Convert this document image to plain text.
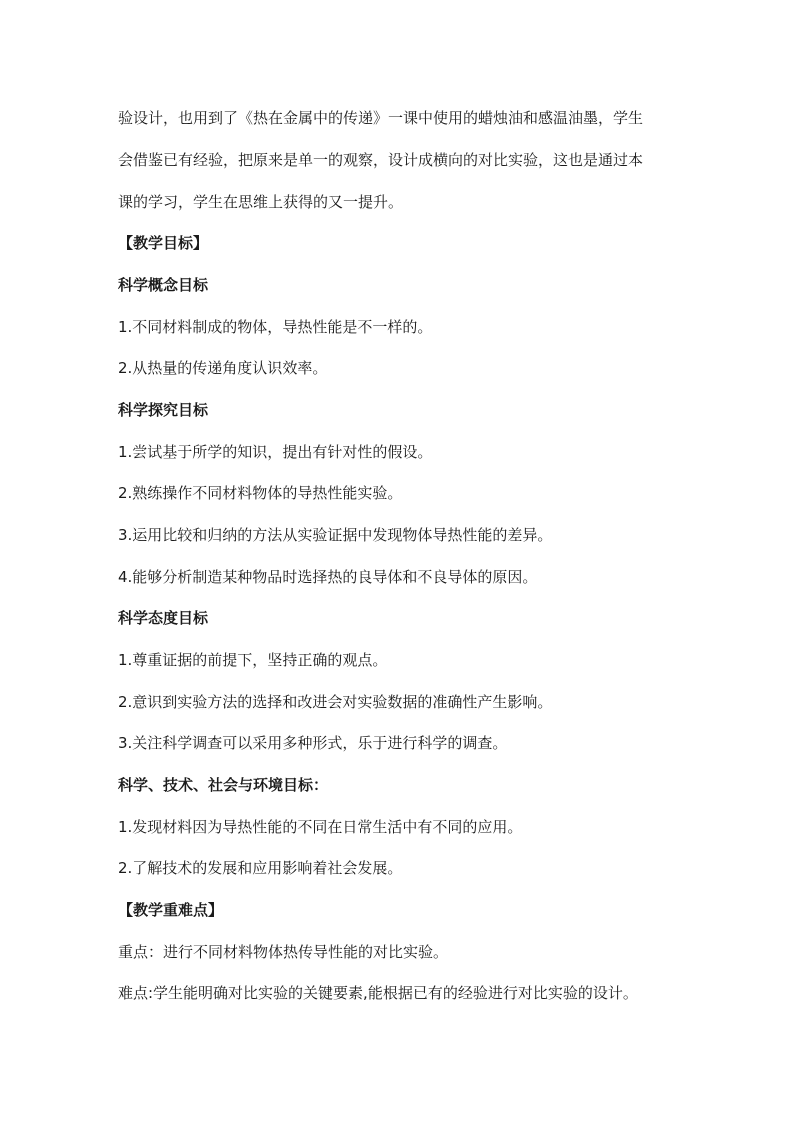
验设计，也用到了《热在金属中的传递》一课中使用的蜡烛油和感温油墨，学生
会借鉴已有经验，把原来是单一的观察，设计成横向的对比实验，这也是通过本
课的学习，学生在思维上获得的又一提升。
【教学目标】
科学概念目标
1.不同材料制成的物体，导热性能是不一样的。
2.从热量的传递角度认识效率。
科学探究目标
1.尝试基于所学的知识，提出有针对性的假设。
2.熟练操作不同材料物体的导热性能实验。
3.运用比较和归纳的方法从实验证据中发现物体导热性能的差异。
4.能够分析制造某种物品时选择热的良导体和不良导体的原因。
科学态度目标
1.尊重证据的前提下，坚持正确的观点。
2.意识到实验方法的选择和改进会对实验数据的准确性产生影响。
3.关注科学调查可以采用多种形式，乐于进行科学的调查。
科学、技术、社会与环境目标：
1.发现材料因为导热性能的不同在日常生活中有不同的应用。
2.了解技术的发展和应用影响着社会发展。
【教学重难点】
重点：进行不同材料物体热传导性能的对比实验。
难点:学生能明确对比实验的关键要素,能根据已有的经验进行对比实验的设计。
